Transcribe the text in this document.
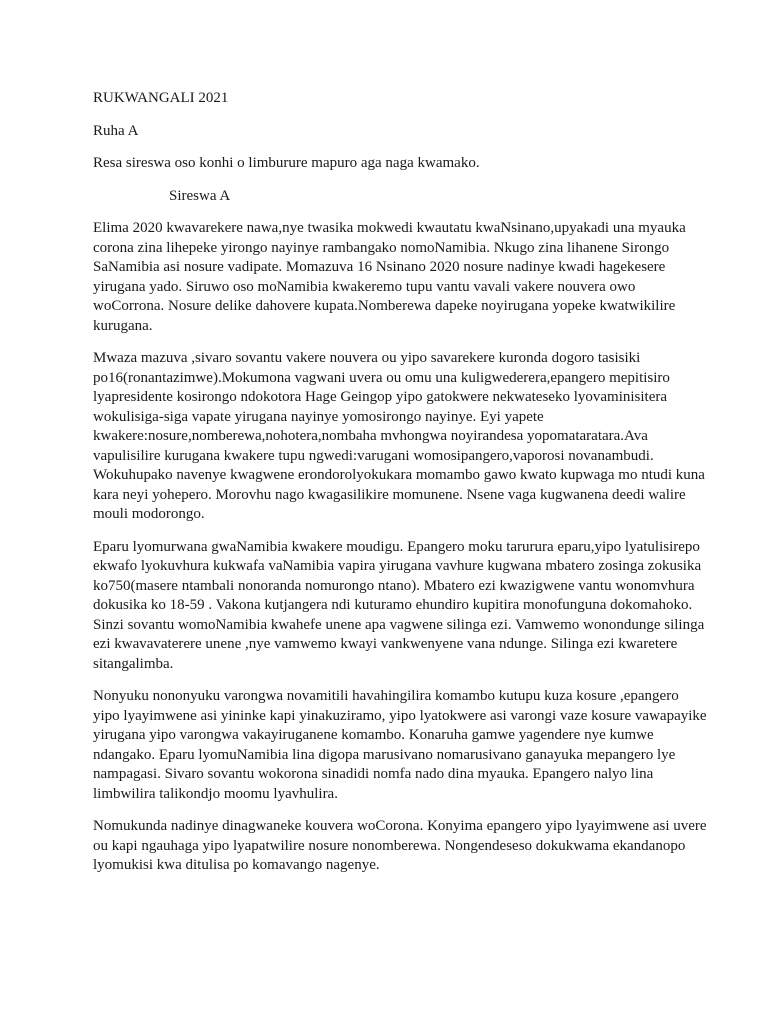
RUKWANGALI 2021
Ruha A
Resa sireswa oso konhi o limburure mapuro aga naga kwamako.
Sireswa A

Elima 2020 kwavarekere nawa,nye twasika mokwedi kwautatu kwaNsinano,upyakadi una myauka corona zina lihepeke yirongo nayinye rambangako nomoNamibia. Nkugo zina lihanene Sirongo SaNamibia asi nosure vadipate. Momazuva 16 Nsinano 2020 nosure nadinye kwadi hagekesere yirugana yado. Siruwo oso moNamibia kwakeremo tupu vantu vavali vakere nouvera owo woCorrona. Nosure delike dahovere kupata.Nomberewa dapeke noyirugana yopeke kwatwikilire kurugana.

Mwaza mazuva ,sivaro sovantu vakere nouvera ou yipo savarekere kuronda dogoro tasisiki po16(ronantazimwe).Mokumona vagwani uvera ou omu una kuligwederera,epangero mepitisiro lyapresidente kosirongo ndokotora Hage Geingop yipo gatokwere nekwateseko lyovaminisitera wokulisiga-siga vapate yirugana nayinye yomosirongo nayinye. Eyi yapete kwakere:nosure,nomberewa,nohotera,nombaha mvhongwa noyirandesa yopomataratara.Ava vapulisilire kurugana kwakere tupu ngwedi:varugani womosipangero,vaporosi novanambudi. Wokuhupako navenye kwagwene erondorolyokukara momambo gawo kwato kupwaga mo ntudi kuna kara neyi yohepero. Morovhu nago kwagasilikire momunene. Nsene vaga kugwanena deedi walire mouli modorongo.

Eparu lyomurwana gwaNamibia kwakere moudigu. Epangero moku tarurura eparu,yipo lyatulisirepo ekwafo lyokuvhura kukwafa vaNamibia vapira yirugana vavhure kugwana mbatero zosinga zokusika ko750(masere ntambali nonoranda nomurongo ntano). Mbatero ezi kwazigwene vantu wonomvhura dokusika ko 18-59 . Vakona kutjangera ndi kuturamo ehundiro kupitira monofunguna dokomahoko. Sinzi sovantu womoNamibia kwahefe unene apa vagwene silinga ezi. Vamwemo wonondunge silinga ezi kwavavaterere unene ,nye vamwemo kwayi vankwenyene vana ndunge. Silinga ezi kwaretere sitangalimba.

Nonyuku nononyuku varongwa novamitili havahingilira komambo kutupu kuza kosure ,epangero yipo lyayimwene asi yininke kapi yinakuziramo, yipo lyatokwere asi varongi vaze kosure vawapayike yirugana yipo varongwa vakayiruganene komambo. Konaruha gamwe yagendere nye kumwe ndangako. Eparu lyomuNamibia lina digopa marusivano nomarusivano ganayuka mepangero lye nampagasi. Sivaro sovantu wokorona sinadidi nomfa nado dina myauka. Epangero nalyo lina limbwilira talikondjo moomu lyavhulira.

Nomukunda nadinye dinagwaneke kouvera woCorona. Konyima epangero yipo lyayimwene asi uvere ou kapi ngauhaga yipo lyapatwilire nosure nonomberewa. Nongendeseso dokukwama ekandanopo lyomukisi kwa ditulisa po komavango nagenye.
